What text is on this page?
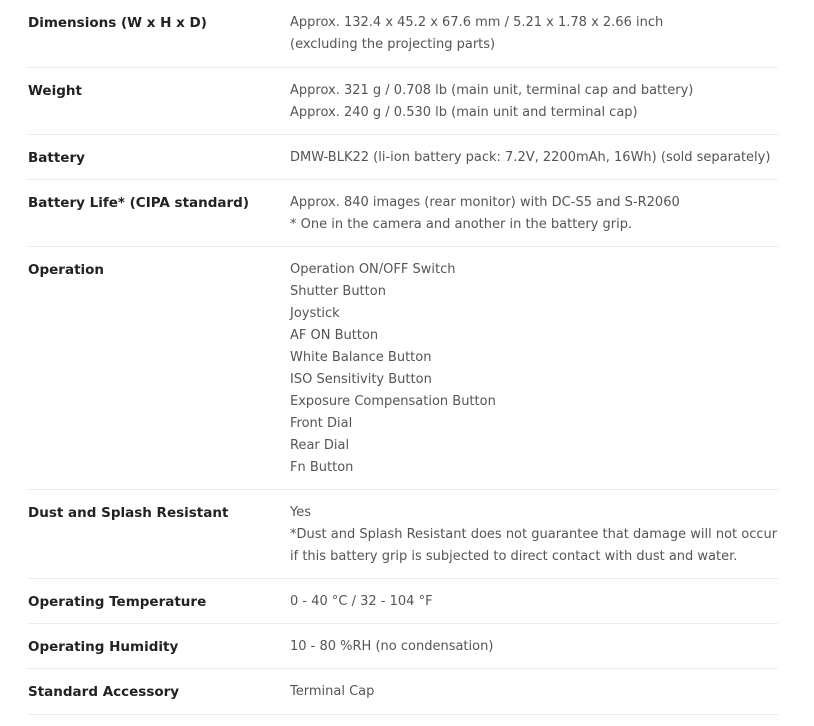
Dimensions (W x H x D)	Approx. 132.4 x 45.2 x 67.6 mm / 5.21 x 1.78 x 2.66 inch
(excluding the projecting parts)
Weight	Approx. 321 g / 0.708 lb (main unit, terminal cap and battery)
Approx. 240 g / 0.530 lb (main unit and terminal cap)
Battery	DMW-BLK22 (li-ion battery pack: 7.2V, 2200mAh, 16Wh) (sold separately)
Battery Life* (CIPA standard)	Approx. 840 images (rear monitor) with DC-S5 and S-R2060
* One in the camera and another in the battery grip.
Operation	Operation ON/OFF Switch
Shutter Button
Joystick
AF ON Button
White Balance Button
ISO Sensitivity Button
Exposure Compensation Button
Front Dial
Rear Dial
Fn Button
Dust and Splash Resistant	Yes
*Dust and Splash Resistant does not guarantee that damage will not occur if this battery grip is subjected to direct contact with dust and water.
Operating Temperature	0 - 40 °C / 32 - 104 °F
Operating Humidity	10 - 80 %RH (no condensation)
Standard Accessory	Terminal Cap
